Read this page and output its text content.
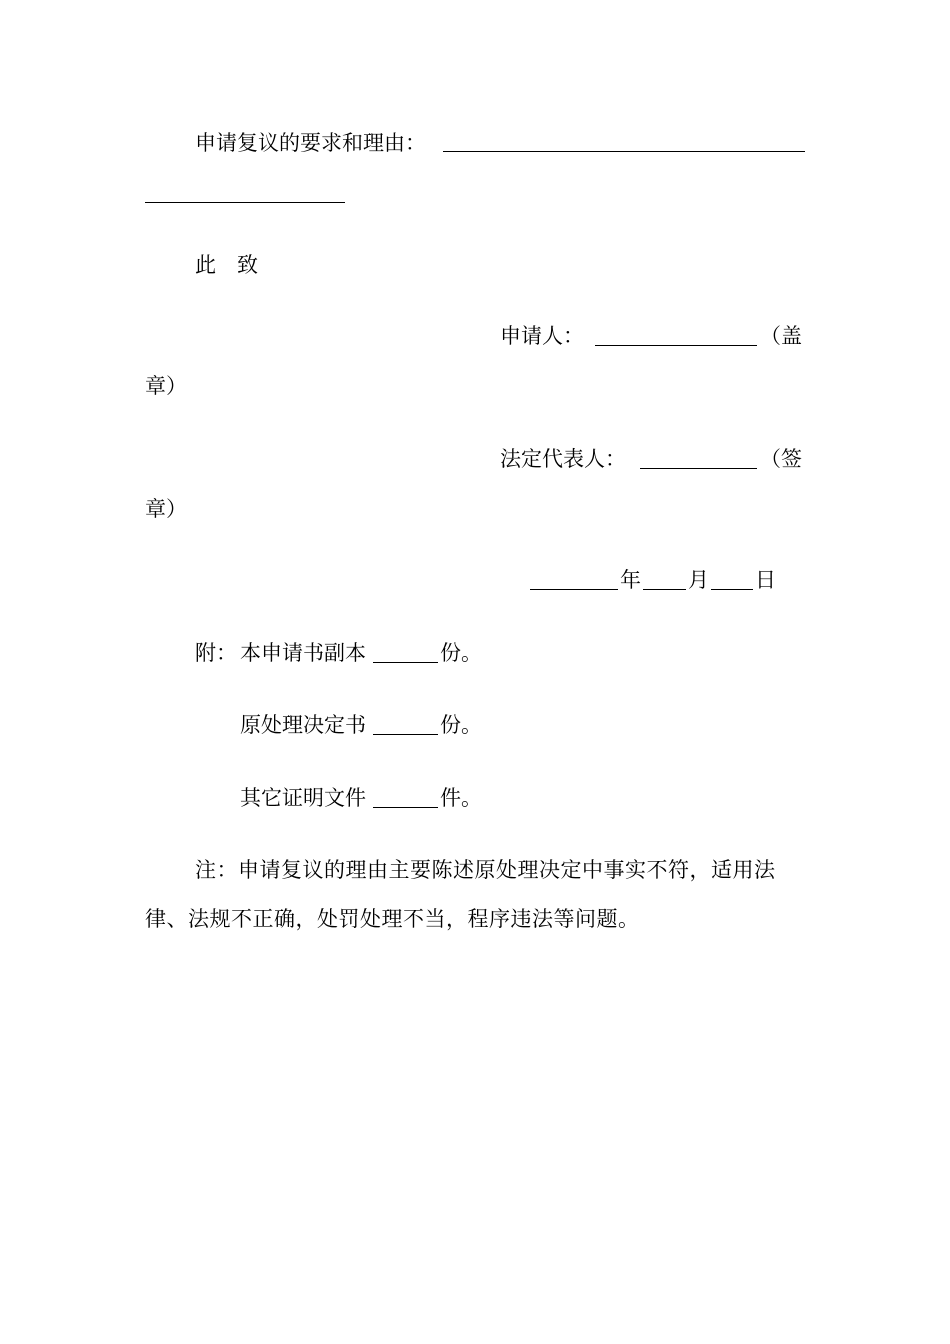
申请复议的要求和理由：
此　致
申请人：	（盖
章）
法定代表人：	（签
章）
年 月 日
附： 本申请书副本	份。
原处理决定书	份。
其它证明文件	件。
注：申请复议的理由主要陈述原处理决定中事实不符，适用法
律、法规不正确，处罚处理不当，程序违法等问题。
